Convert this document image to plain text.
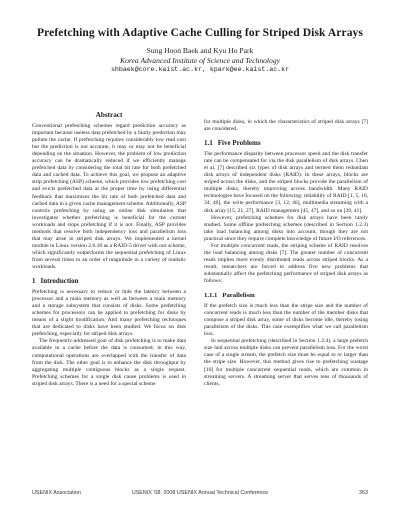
Prefetching with Adaptive Cache Culling for Striped Disk Arrays
Sung Hoon Baek and Kyu Ho Park
Korea Advanced Institute of Science and Technology
shbaek@core.kaist.ac.kr, kpark@ee.kaist.ac.kr
Abstract

Conventional prefetching schemes regard prediction accuracy as important because useless data prefetched by a faulty prediction may pollute the cache. If prefetching requires considerably low read cost but the prediction is not accurate, it may or may not be beneficial depending on the situation. However, the problem of low prediction accuracy can be dramatically reduced if we efficiently manage prefetched data by considering the total hit rate for both prefetched data and cached data. To achieve this goal, we propose an adaptive strip prefetching (ASP) scheme, which provides low prefetching cost and evicts prefetched data at the proper time by using differential feedback that maximizes the hit rate of both prefetched data and cached data in a given cache management scheme. Additionally, ASP controls prefetching by using an online disk simulation that investigates whether prefetching is beneficial for the current workloads and stops prefetching if it is not. Finally, ASP provides methods that resolve both independency loss and parallelism loss that may arise in striped disk arrays. We implemented a kernel module in Linux version 2.6.18 as a RAID-5 driver with our scheme, which significantly outperforms the sequential prefetching of Linux from several times to an order of magnitude in a variety of realistic workloads.

1 Introduction

Prefetching is necessary to reduce or hide the latency between a processor and a main memory as well as between a main memory and a storage subsystem that consists of disks. Some prefetching schemes for processors can be applied to prefetching for disks by means of a slight modification. And many prefetching techniques that are dedicated to disks have been studied. We focus on disk prefetching, especially for striped disk arrays.

The frequently-addressed goal of disk prefetching is to make data available in a cache before the data is consumed; in this way, computational operations are overlapped with the transfer of data from the disk. The other goal is to enhance the disk throughput by aggregating multiple contiguous blocks as a single request. Prefetching schemes for a single disk cause problems is used in striped disk arrays. There is a need for a special scheme

for multiple disks, in which the characteristics of striped disk arrays [7] are considered.

1.1 Five Problems

The performance disparity between processor speed and the disk transfer rate can be compensated for via the disk parallelism of disk arrays. Chen et al. [7] described six types of disk arrays and termed them redundant disk arrays of independent disks (RAID). In these arrays, blocks are striped across the disks, and the striped blocks provide the parallelism of multiple disks, thereby improving access bandwidth. Many RAID technologies have focused on the following: reliability of RAID [1, 5, 16, 34, 40], the write performance [3, 12, 46], multimedia streaming with a disk array [15, 21, 27], RAID management [45, 47], and so on [20, 41].

However, prefetching schemes for disk arrays have been rarely studied. Some offline prefetching schemes (described in Section 1.2.3) take load balancing among disks into account, though they are not practical since they require complete knowledge of future I/O references.

For multiple concurrent reads, the striping scheme of RAID resolves the load balancing among disks [7]. The greater number of concurrent reads implies more evenly distributed reads across striped blocks. As a result, researchers are forced to address five new problems that substantially affect the prefetching performance of striped disk arrays as follows:

1.1.1 Parallelism

If the prefetch size is much less than the stripe size and the number of concurrent reads is much less than the number of the member disks that compose a striped disk array, some of disks become idle, thereby losing parallelism of the disks. This case exemplifies what we call parallelism loss.

In sequential prefetching (described in Section 1.2.4), a large prefetch size laid across multiple disks can prevent parallelism loss. For the worst case of a single stream, the prefetch size must be equal to or larger than the stripe size. However, this method gives rise to prefetching wastage [10] for multiple concurrent sequential reads, which are common in streaming servers. A streaming server that serves tens of thousands of clients,

USENIX Association	USENIX '08: 2008 USENIX Annual Technical Conference	363
